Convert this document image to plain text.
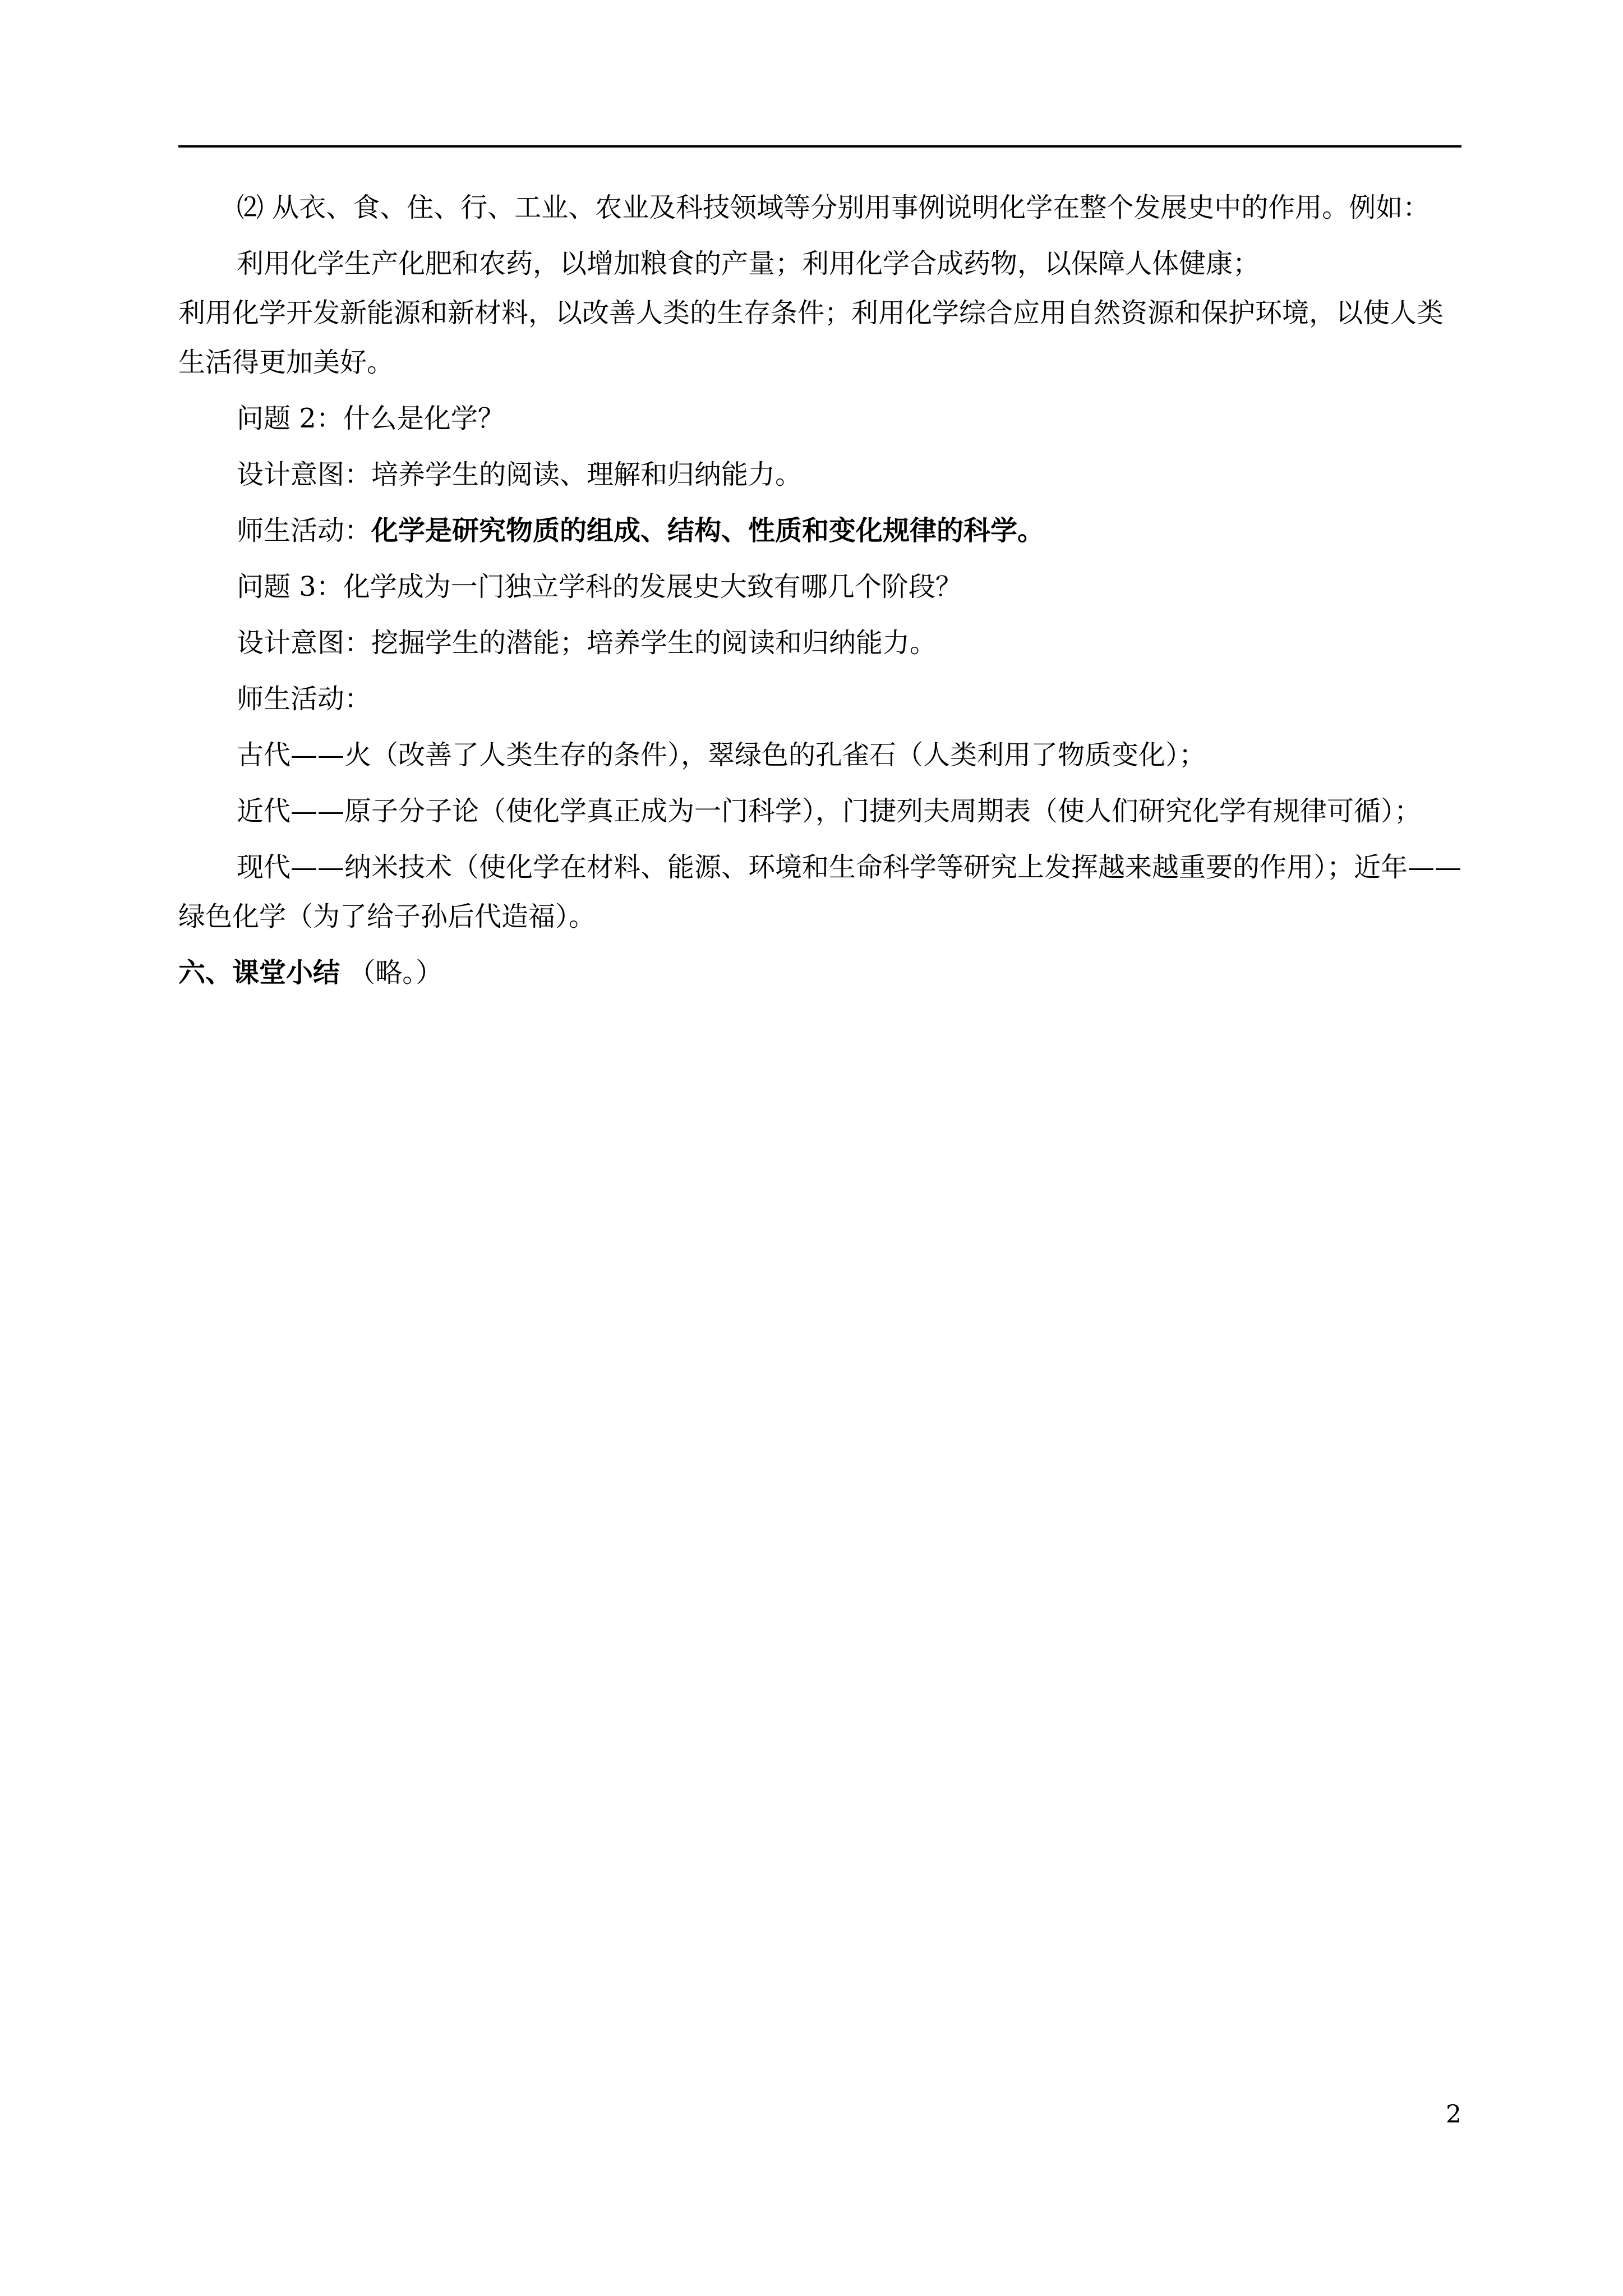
⑵ 从衣、食、住、行、工业、农业及科技领域等分别用事例说明化学在整个发展史中的作用。例如：

利用化学生产化肥和农药，以增加粮食的产量；利用化学合成药物，以保障人体健康；

利用化学开发新能源和新材料，以改善人类的生存条件；利用化学综合应用自然资源和保护环境，以使人类生活得更加美好。

问题 2：什么是化学？

设计意图：培养学生的阅读、理解和归纳能力。

师生活动：化学是研究物质的组成、结构、性质和变化规律的科学。

问题 3：化学成为一门独立学科的发展史大致有哪几个阶段？

设计意图：挖掘学生的潜能；培养学生的阅读和归纳能力。

师生活动：

古代——火（改善了人类生存的条件），翠绿色的孔雀石（人类利用了物质变化）；

近代——原子分子论（使化学真正成为一门科学），门捷列夫周期表（使人们研究化学有规律可循）；

现代——纳米技术（使化学在材料、能源、环境和生命科学等研究上发挥越来越重要的作用）；近年——绿色化学（为了给子孙后代造福）。

六、课堂小结 （略。）

2
